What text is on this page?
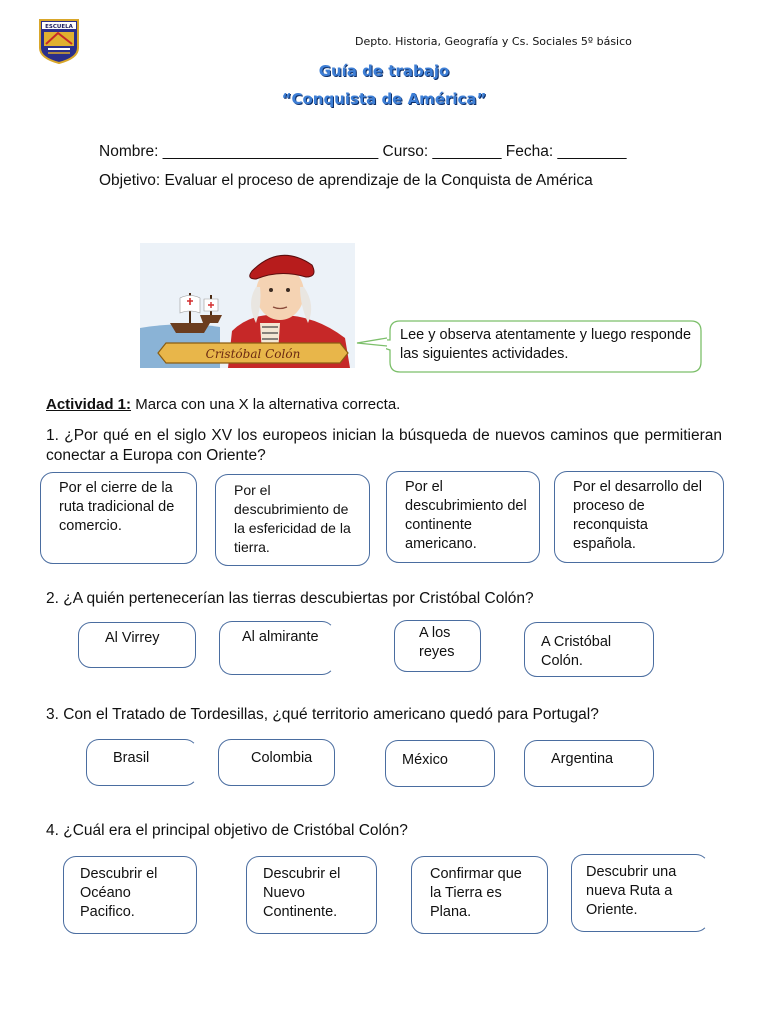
ESCUELA
Depto. Historia, Geografía y Cs. Sociales 5º básico
Guía de trabajo
“Conquista de América”
Nombre: _________________________ Curso: ________ Fecha: ________
Objetivo: Evaluar el proceso de aprendizaje de la Conquista de América
Cristóbal Colón
Lee y observa atentamente y luego responde las siguientes actividades.
Actividad 1: Marca con una X la alternativa correcta.
1. ¿Por qué en el siglo XV los europeos inician la búsqueda de nuevos caminos que permitieran conectar a Europa con Oriente?
Por el cierre de la ruta tradicional de comercio.
Por el descubrimiento de la esfericidad de la tierra.
Por el descubrimiento del continente americano.
Por el desarrollo del proceso de reconquista española.
2. ¿A quién pertenecerían las tierras descubiertas por Cristóbal Colón?
Al Virrey	Al almirante	A los reyes
A Cristóbal Colón.
3. Con el Tratado de Tordesillas, ¿qué territorio americano quedó para Portugal?
Brasil	Colombia	México	Argentina
4. ¿Cuál era el principal objetivo de Cristóbal Colón?
Descubrir el Océano Pacifico.
Descubrir el Nuevo Continente.
Confirmar que la Tierra es Plana.
Descubrir una nueva Ruta a Oriente.
